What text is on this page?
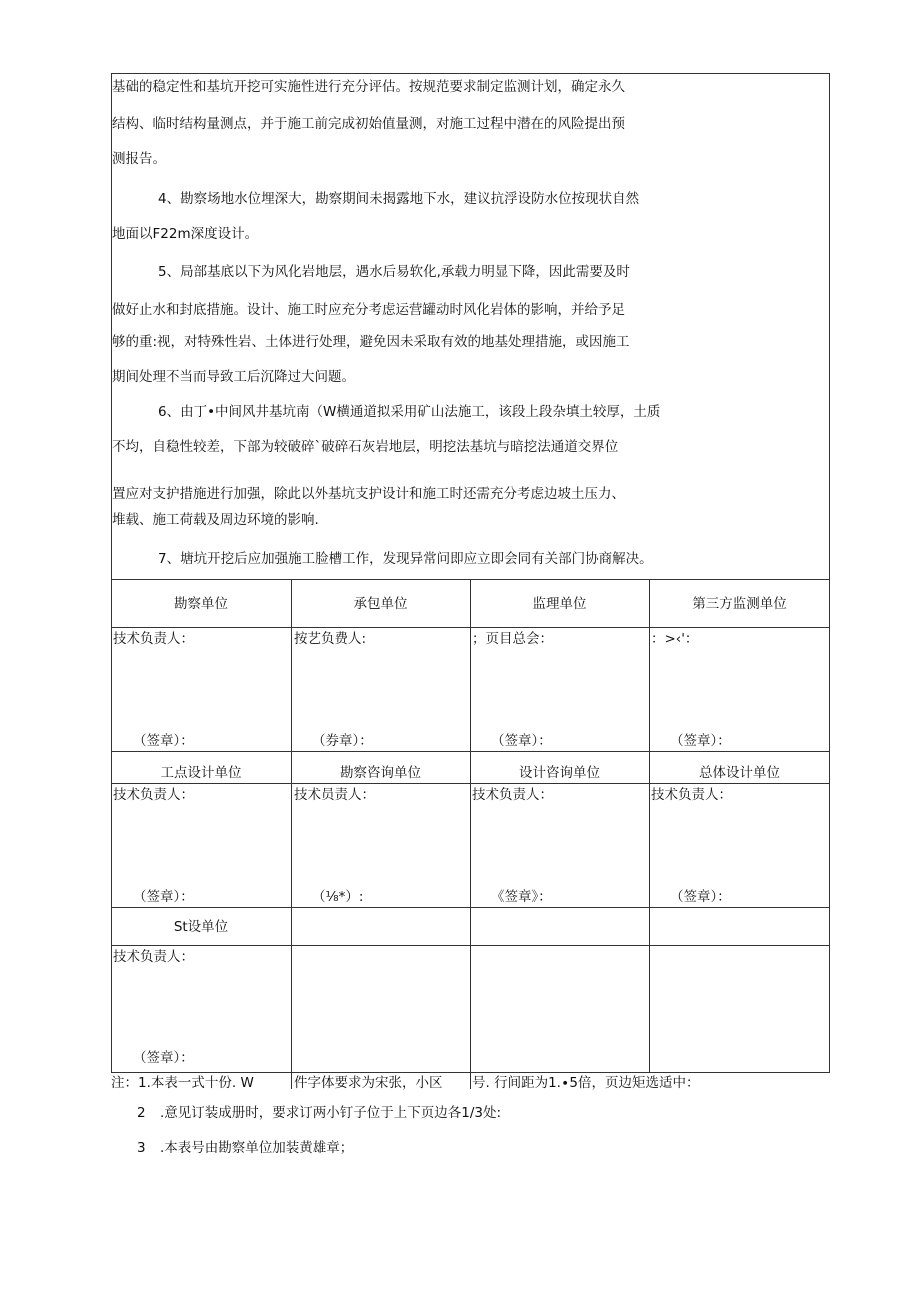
基础的稳定性和基坑开挖可实施性进行充分评估。按规范要求制定监测计划，确定永久
结构、临时结构量测点，并于施工前完成初始值量测，对施工过程中潜在的风险提出预
测报告。
4、勘察场地水位埋深大，勘察期间未揭露地下水，建议抗浮设防水位按现状自然
地面以F22m深度设计。
5、局部基底以下为风化岩地层，遇水后易软化,承载力明显下降，因此需要及时
做好止水和封底措施。设计、施工时应充分考虑运营罐动时风化岩体的影响，并给予足
够的重:视，对特殊性岩、土体进行处理，避免因未采取有效的地基处理措施，或因施工
期间处理不当而导致工后沉降过大问题。
6、由丁•中间风井基坑南（W横通道拟采用矿山法施工，该段上段杂填土较厚，土质
不均，自稳性较差，下部为较破碎`破碎石灰岩地层，明挖法基坑与暗挖法通道交界位
置应对支护措施进行加强，除此以外基坑支护设计和施工时还需充分考虑边坡土压力、
堆载、施工荷载及周边环境的影响.
7、塘坑开挖后应加强施工脸槽工作，发现异常问即应立即会同有关部门协商解决。
勘察单位	承包单位	监理单位	第三方监测单位
技术负责人：	按艺负费人:	；页目总会：	：>‹'：
（签章）：	（券章）：	（签章）：	（签章）：
工点设计单位	勘察咨询单位	设计咨询单位	总体设计单位
技术负责人：	技术员责人：	技术负责人：	技术负责人：
（签章）：	（⅛*）:	《签章》：	（签章）：
St设单位
技术负责人：
（签章）：
注：1.本表一式十份. W	件字体要求为宋张，小区 号. 行间距为1.∙5倍，页边矩选适中：
2 .意见订装成册时，要求订两小钉子位于上下页边各1/3处:
3 .本表号由勘察单位加装黄雄章；
